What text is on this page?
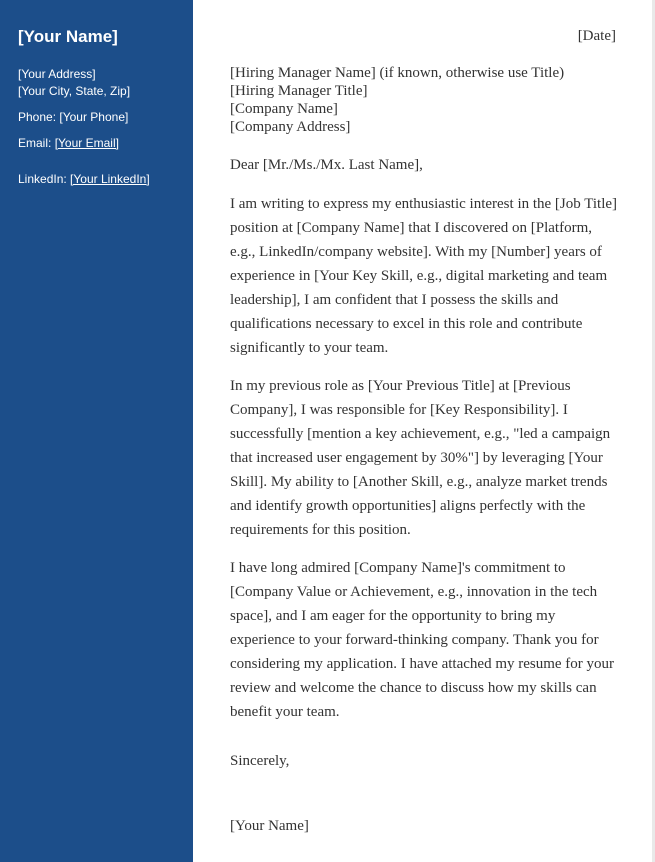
[Your Name]
[Your Address]
[Your City, State, Zip]
Phone: [Your Phone]
Email: [Your Email]
LinkedIn: [Your LinkedIn]
[Date]
[Hiring Manager Name] (if known, otherwise use Title)
[Hiring Manager Title]
[Company Name]
[Company Address]
Dear [Mr./Ms./Mx. Last Name],

I am writing to express my enthusiastic interest in the [Job Title] position at [Company Name] that I discovered on [Platform, e.g., LinkedIn/company website]. With my [Number] years of experience in [Your Key Skill, e.g., digital marketing and team leadership], I am confident that I possess the skills and qualifications necessary to excel in this role and contribute significantly to your team.

In my previous role as [Your Previous Title] at [Previous Company], I was responsible for [Key Responsibility]. I successfully [mention a key achievement, e.g., "led a campaign that increased user engagement by 30%"] by leveraging [Your Skill]. My ability to [Another Skill, e.g., analyze market trends and identify growth opportunities] aligns perfectly with the requirements for this position.

I have long admired [Company Name]'s commitment to [Company Value or Achievement, e.g., innovation in the tech space], and I am eager for the opportunity to bring my experience to your forward-thinking company. Thank you for considering my application. I have attached my resume for your review and welcome the chance to discuss how my skills can benefit your team.

Sincerely,
[Your Name]
